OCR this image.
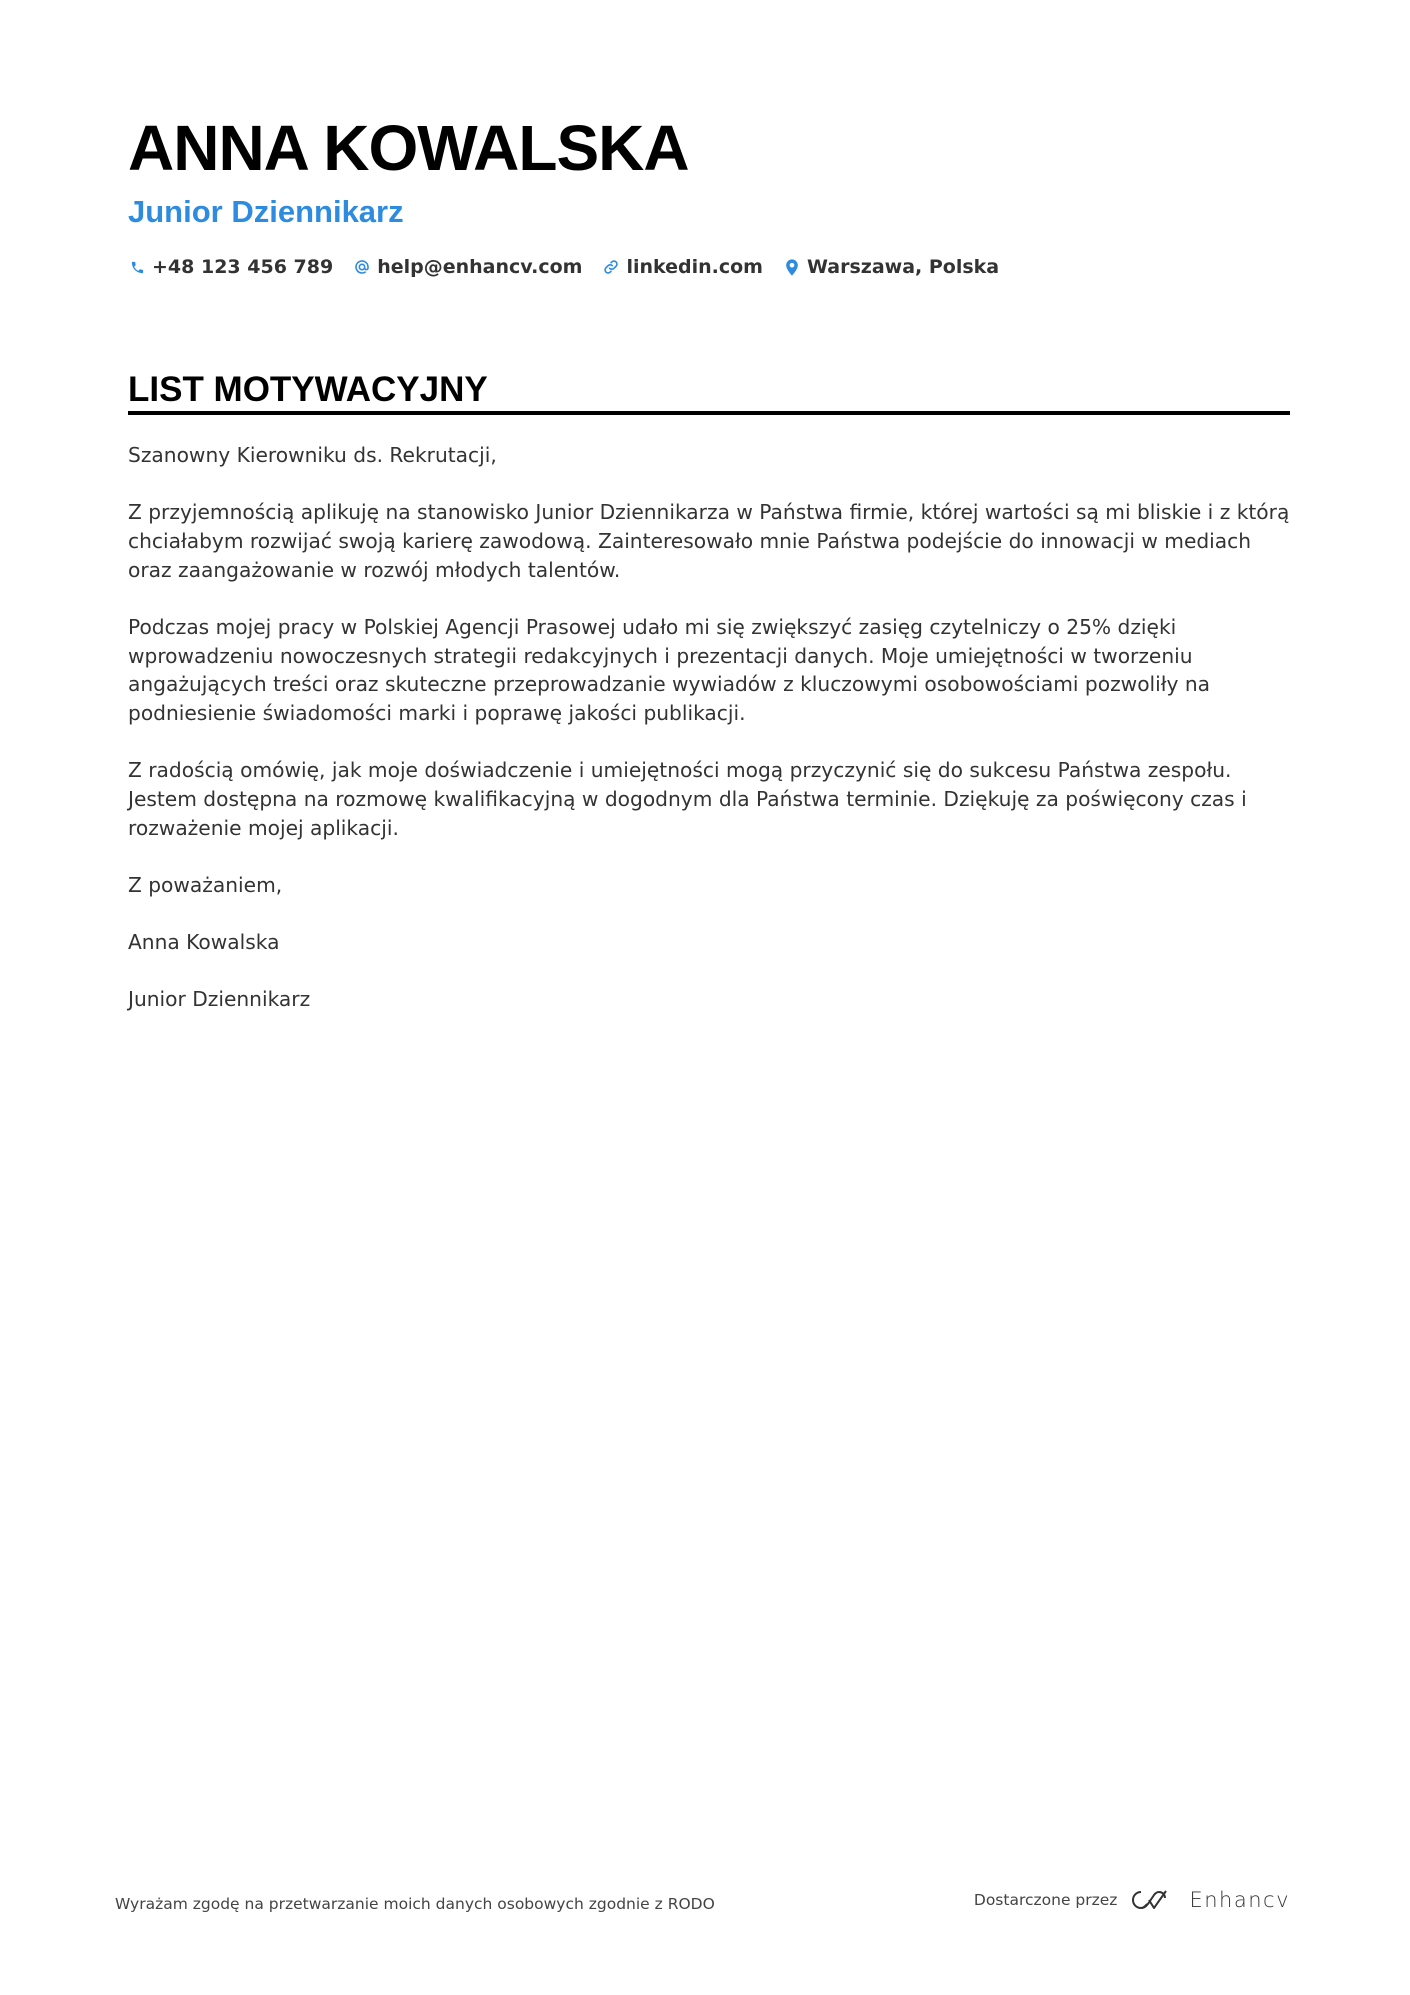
ANNA KOWALSKA
Junior Dziennikarz
+48 123 456 789 help@enhancv.com linkedin.com Warszawa, Polska
LIST MOTYWACYJNY

Szanowny Kierowniku ds. Rekrutacji,

Z przyjemnością aplikuję na stanowisko Junior Dziennikarza w Państwa firmie, której wartości są mi bliskie i z którą chciałabym rozwijać swoją karierę zawodową. Zainteresowało mnie Państwa podejście do innowacji w mediach oraz zaangażowanie w rozwój młodych talentów.

Podczas mojej pracy w Polskiej Agencji Prasowej udało mi się zwiększyć zasięg czytelniczy o 25% dzięki wprowadzeniu nowoczesnych strategii redakcyjnych i prezentacji danych. Moje umiejętności w tworzeniu angażujących treści oraz skuteczne przeprowadzanie wywiadów z kluczowymi osobowościami pozwoliły na podniesienie świadomości marki i poprawę jakości publikacji.

Z radością omówię, jak moje doświadczenie i umiejętności mogą przyczynić się do sukcesu Państwa zespołu. Jestem dostępna na rozmowę kwalifikacyjną w dogodnym dla Państwa terminie. Dziękuję za poświęcony czas i rozważenie mojej aplikacji.

Z poważaniem,

Anna Kowalska

Junior Dziennikarz

Wyrażam zgodę na przetwarzanie moich danych osobowych zgodnie z RODO	Dostarczone przez	Enhancv
